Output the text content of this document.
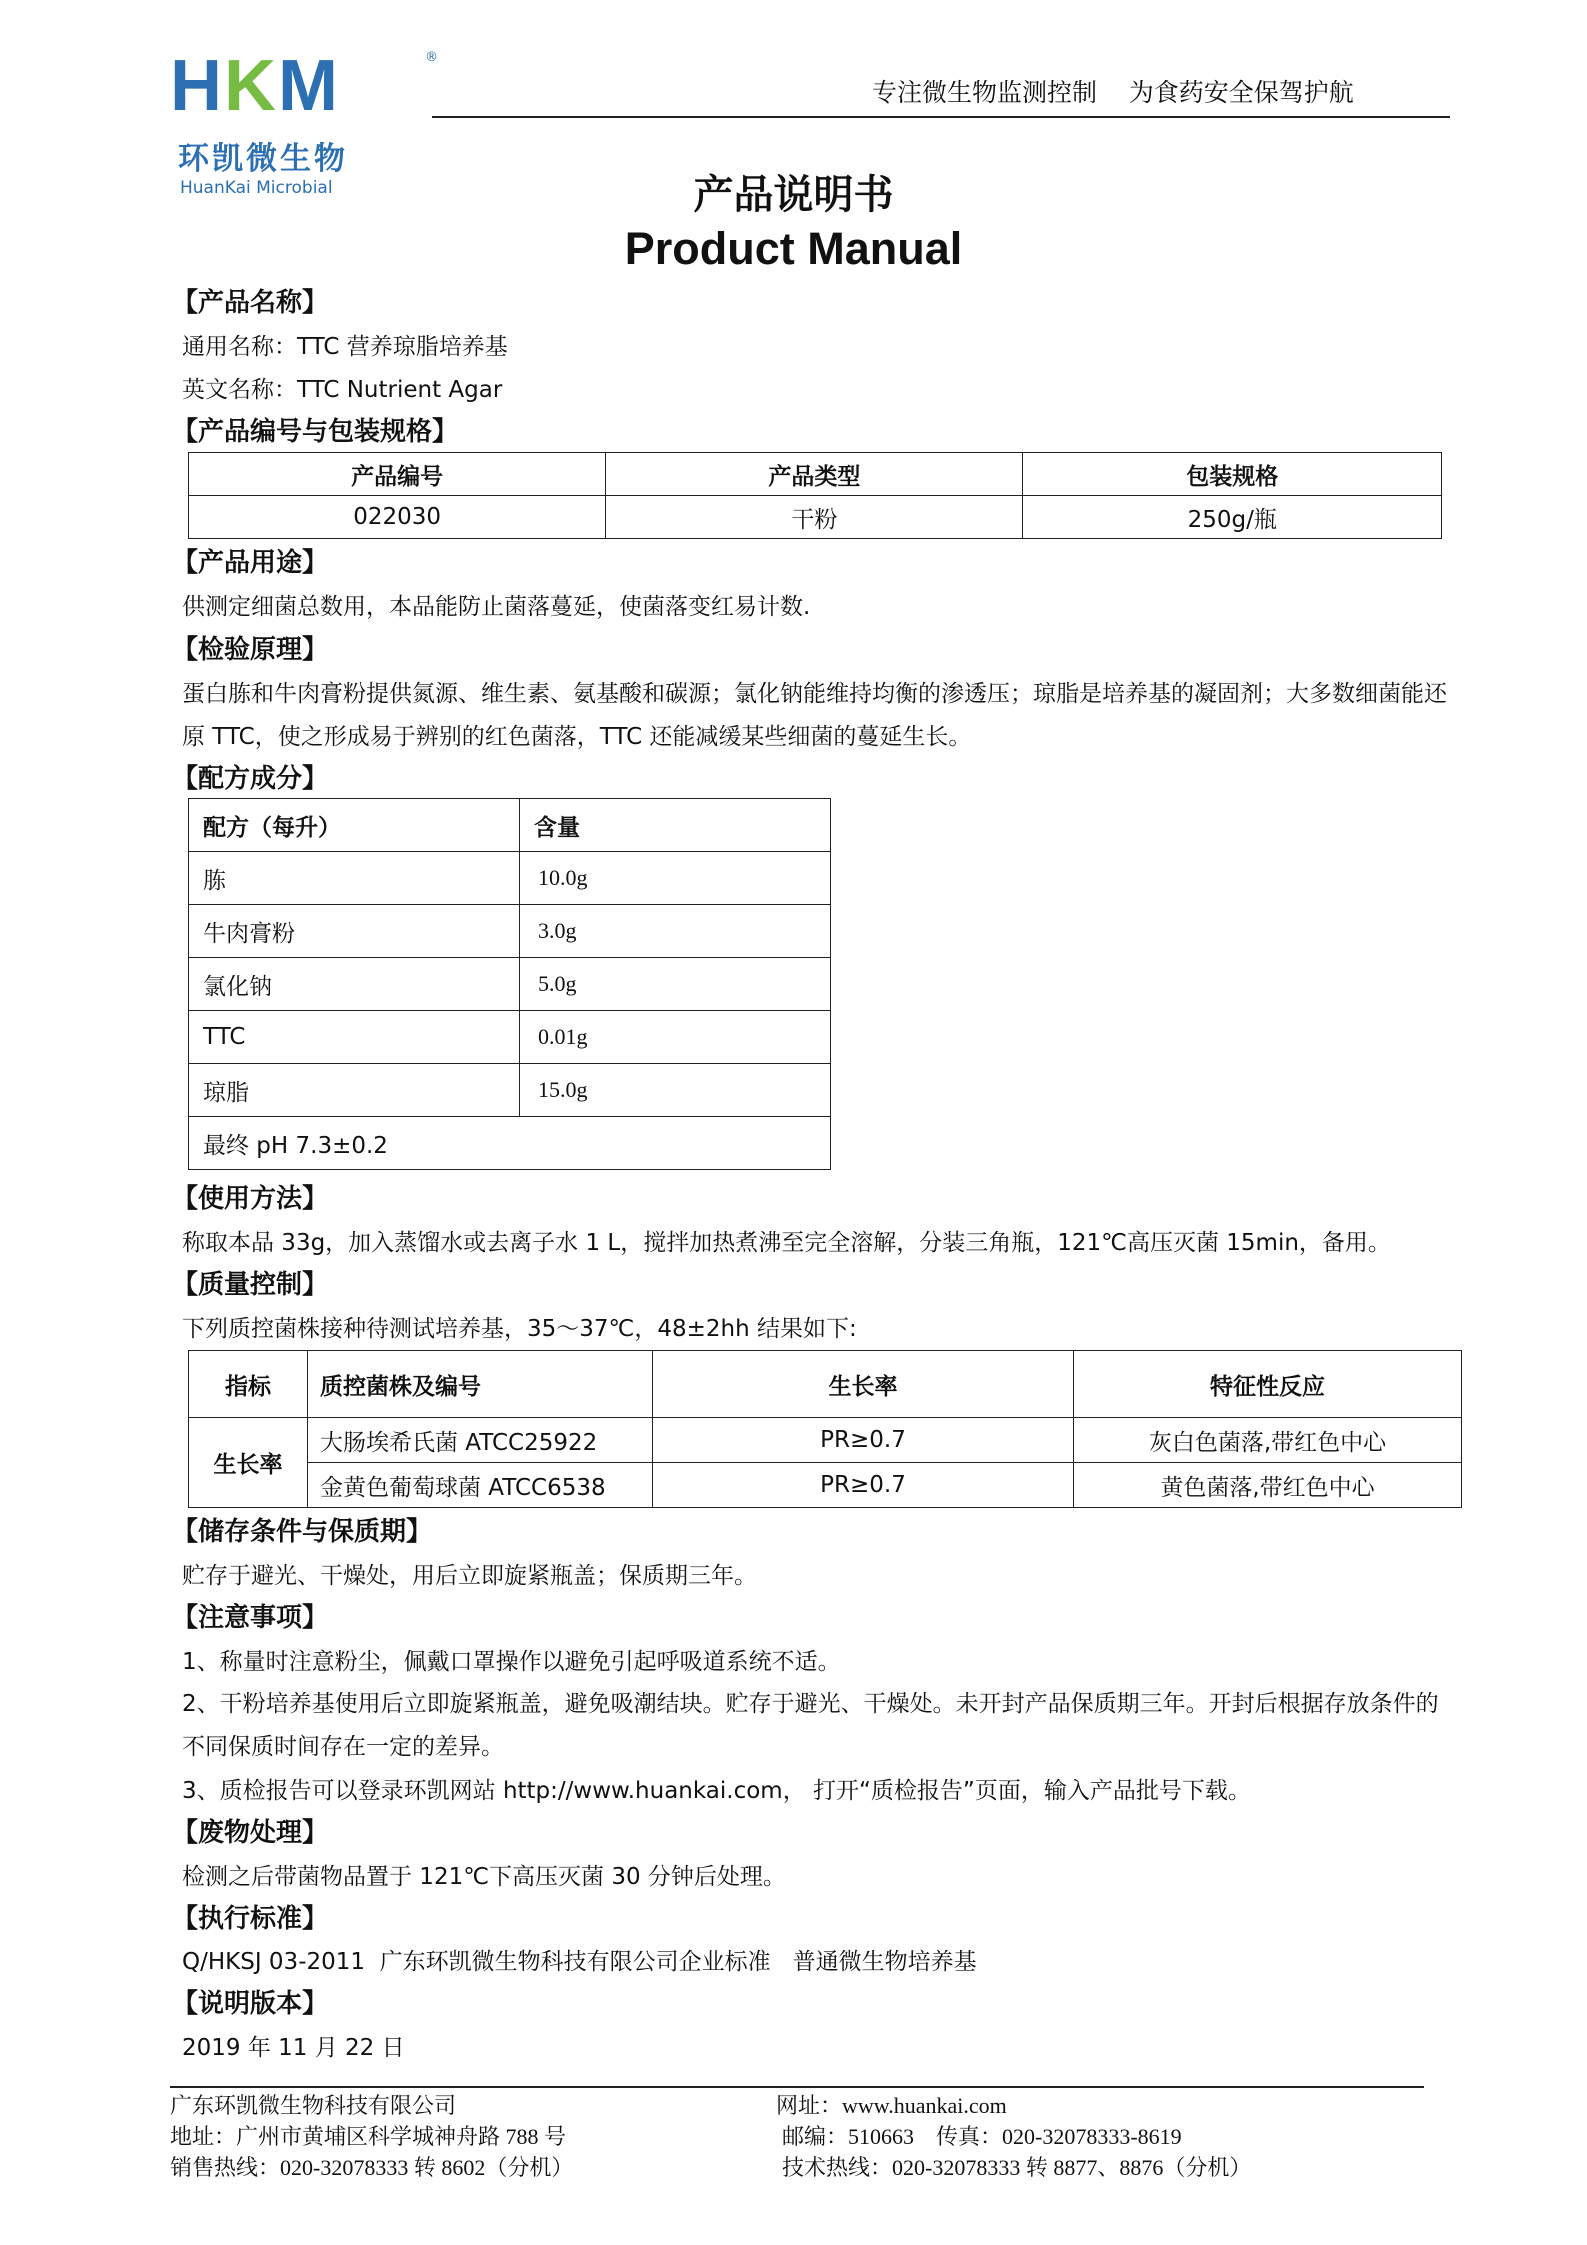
HKM	®
环凯微生物
HuanKai Microbial
专注微生物监测控制    为食药安全保驾护航
产品说明书
Product Manual
【产品名称】
通用名称：TTC 营养琼脂培养基
英文名称：TTC Nutrient Agar
【产品编号与包装规格】
产品编号	产品类型	包装规格
022030	干粉	250g/瓶
【产品用途】
供测定细菌总数用，本品能防止菌落蔓延，使菌落变红易计数.
【检验原理】
蛋白胨和牛肉膏粉提供氮源、维生素、氨基酸和碳源；氯化钠能维持均衡的渗透压；琼脂是培养基的凝固剂；大多数细菌能还原 TTC，使之形成易于辨别的红色菌落，TTC 还能减缓某些细菌的蔓延生长。
【配方成分】
配方（每升）	含量
胨	10.0g
牛肉膏粉	3.0g
氯化钠	5.0g
TTC	0.01g
琼脂	15.0g
最终 pH 7.3±0.2	
【使用方法】
称取本品 33g，加入蒸馏水或去离子水 1 L，搅拌加热煮沸至完全溶解，分装三角瓶，121℃高压灭菌 15min，备用。
【质量控制】
下列质控菌株接种待测试培养基，35～37℃，48±2hh 结果如下:
指标	质控菌株及编号	生长率	特征性反应
生长率	大肠埃希氏菌 ATCC25922	PR≥0.7	灰白色菌落,带红色中心
	金黄色葡萄球菌 ATCC6538	PR≥0.7	黄色菌落,带红色中心
【储存条件与保质期】
贮存于避光、干燥处，用后立即旋紧瓶盖；保质期三年。
【注意事项】
1、称量时注意粉尘，佩戴口罩操作以避免引起呼吸道系统不适。
2、干粉培养基使用后立即旋紧瓶盖，避免吸潮结块。贮存于避光、干燥处。未开封产品保质期三年。开封后根据存放条件的不同保质时间存在一定的差异。
3、质检报告可以登录环凯网站 http://www.huankai.com， 打开“质检报告”页面，输入产品批号下载。
【废物处理】
检测之后带菌物品置于 121℃下高压灭菌 30 分钟后处理。
【执行标准】
Q/HKSJ 03-2011  广东环凯微生物科技有限公司企业标准   普通微生物培养基
【说明版本】
2019 年 11 月 22 日
广东环凯微生物科技有限公司
地址：广州市黄埔区科学城神舟路 788 号
销售热线：020-32078333 转 8602（分机）
网址：www.huankai.com
邮编：510663    传真：020-32078333-8619
技术热线：020-32078333 转 8877、8876（分机）
